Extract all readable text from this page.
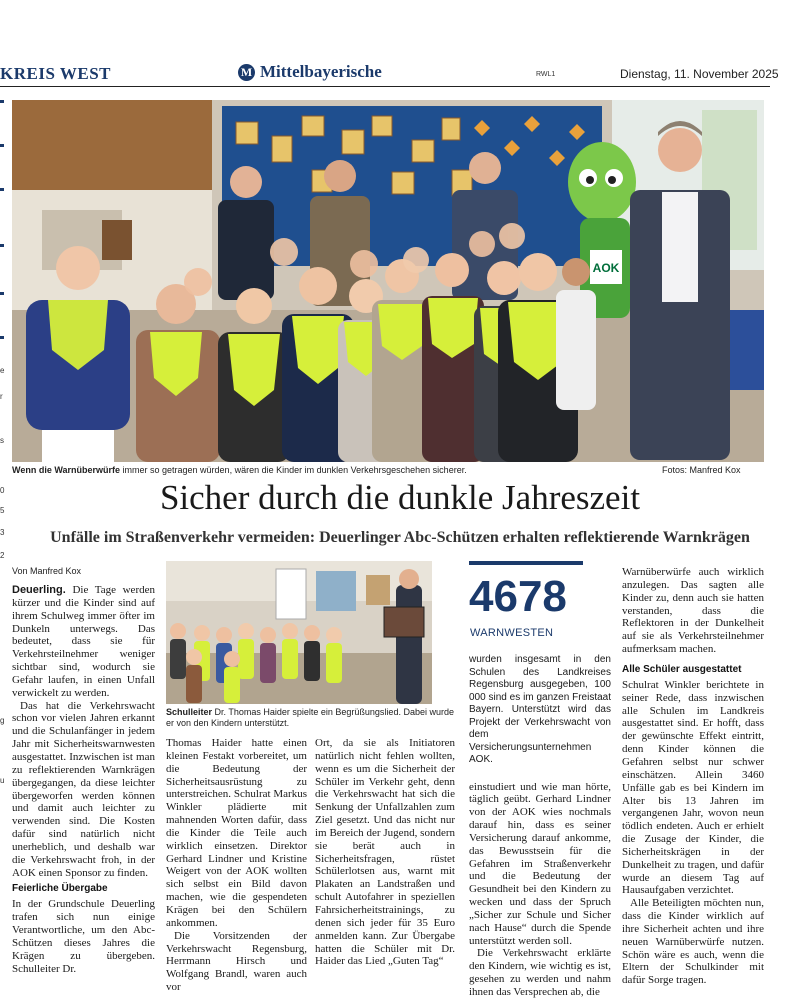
KREIS WEST	M Mittelbayerische	RWL1	Dienstag, 11. November 2025
0
5
3
2
e
r
s
g
u
AOK
Wenn die Warnüberwürfe immer so getragen würden, wären die Kinder im dunklen Verkehrsgeschehen sicherer.	Fotos: Manfred Kox
Sicher durch die dunkle Jahreszeit
Unfälle im Straßenverkehr vermeiden: Deuerlinger Abc-Schützen erhalten reflektierende Warnkrägen
Von Manfred Kox

Deuerling. Die Tage werden kürzer und die Kinder sind auf ihrem Schulweg immer öfter im Dunkeln unterwegs. Das bedeutet, dass sie für Verkehrsteilnehmer weniger sichtbar sind, wodurch sie Gefahr laufen, in einen Unfall verwickelt zu werden.

Das hat die Verkehrswacht schon vor vielen Jahren erkannt und die Schulanfänger in jedem Jahr mit Sicherheitswarnwesten ausgestattet. Inzwischen ist man zu reflektierenden Warnkrägen übergegangen, da diese leichter übergeworfen werden können und damit auch leichter zu verwenden sind. Die Kosten dafür sind natürlich nicht unerheblich, und deshalb war die Verkehrswacht froh, in der AOK einen Sponsor zu finden.

Feierliche Übergabe

In der Grundschule Deuerling trafen sich nun einige Verantwortliche, um den Abc-Schützen dieses Jahres die Krägen zu übergeben. Schulleiter Dr.

Schulleiter Dr. Thomas Haider spielte ein Begrüßungslied. Dabei wurde er von den Kindern unterstützt.

Thomas Haider hatte einen kleinen Festakt vorbereitet, um die Bedeutung der Sicherheitsausrüstung zu unterstreichen. Schulrat Markus Winkler plädierte mit mahnenden Worten dafür, dass die Kinder die Teile auch wirklich einsetzen. Direktor Gerhard Lindner und Kristine Weigert von der AOK wollten sich selbst ein Bild davon machen, wie die gespendeten Krägen bei den Schülern ankommen.

Die Vorsitzenden der Verkehrswacht Regensburg, Herrmann Hirsch und Wolfgang Brandl, waren auch vor

Ort, da sie als Initiatoren natürlich nicht fehlen wollten, wenn es um die Sicherheit der Schüler im Verkehr geht, denn die Verkehrswacht hat sich die Senkung der Unfallzahlen zum Ziel gesetzt. Und das nicht nur im Bereich der Jugend, sondern sie berät auch in Sicherheitsfragen, rüstet Schülerlotsen aus, warnt mit Plakaten an Landstraßen und schult Autofahrer in speziellen Fahrsicherheitstrainings, zu denen sich jeder für 35 Euro anmelden kann. Zur Übergabe hatten die Schüler mit Dr. Haider das Lied „Guten Tag“

4678
WARNWESTEN

wurden insgesamt in den Schulen des Landkreises Regensburg ausgegeben, 100 000 sind es im ganzen Freistaat Bayern. Unterstützt wird das Projekt der Verkehrswacht von dem Versicherungsunternehmen AOK.

einstudiert und wie man hörte, täglich geübt. Gerhard Lindner von der AOK wies nochmals darauf hin, dass es seiner Versicherung darauf ankomme, das Bewusstsein für die Gefahren im Straßenverkehr und die Bedeutung der Gesundheit bei den Kindern zu wecken und dass der Spruch „Sicher zur Schule und Sicher nach Hause“ durch die Spende unterstützt werden soll.

Die Verkehrswacht erklärte den Kindern, wie wichtig es ist, gesehen zu werden und nahm ihnen das Versprechen ab, die

Warnüberwürfe auch wirklich anzulegen. Das sagten alle Kinder zu, denn auch sie hatten verstanden, dass die Reflektoren in der Dunkelheit auf sie als Verkehrsteilnehmer aufmerksam machen.

Alle Schüler ausgestattet

Schulrat Winkler berichtete in seiner Rede, dass inzwischen alle Schulen im Landkreis ausgestattet sind. Er hofft, dass der gewünschte Effekt eintritt, denn Kinder können die Gefahren selbst nur schwer einschätzen. Allein 3460 Unfälle gab es bei Kindern im Alter bis 13 Jahren im vergangenen Jahr, wovon neun tödlich endeten. Auch er erhielt die Zusage der Kinder, die Sicherheitskrägen in der Dunkelheit zu tragen, und dafür wurde an diesem Tag auf Hausaufgaben verzichtet.

Alle Beteiligten möchten nun, dass die Kinder wirklich auf ihre Sicherheit achten und ihre neuen Warnüberwürfe nutzen. Schön wäre es auch, wenn die Eltern der Schulkinder mit dafür Sorge tragen.
